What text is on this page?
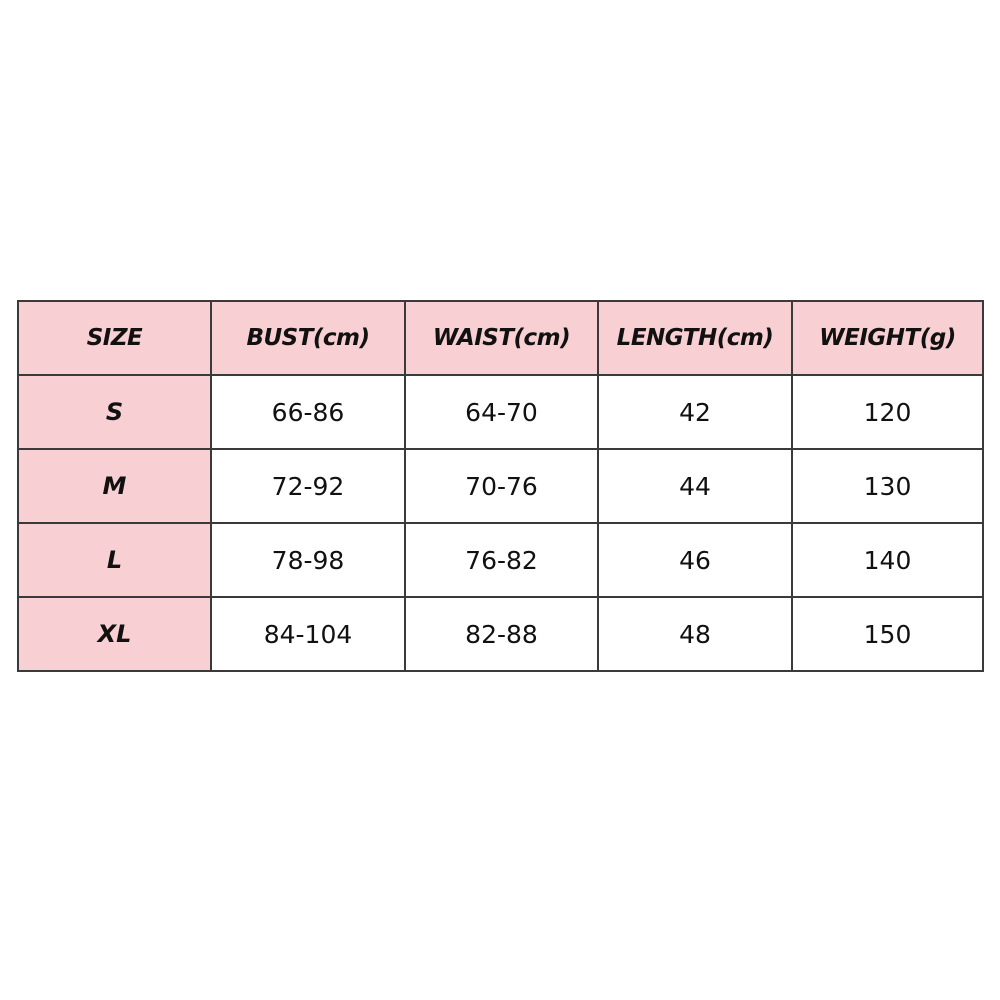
SIZE	BUST(cm)	WAIST(cm)	LENGTH(cm)	WEIGHT(g)
S	66-86	64-70	42	120
M	72-92	70-76	44	130
L	78-98	76-82	46	140
XL	84-104	82-88	48	150
